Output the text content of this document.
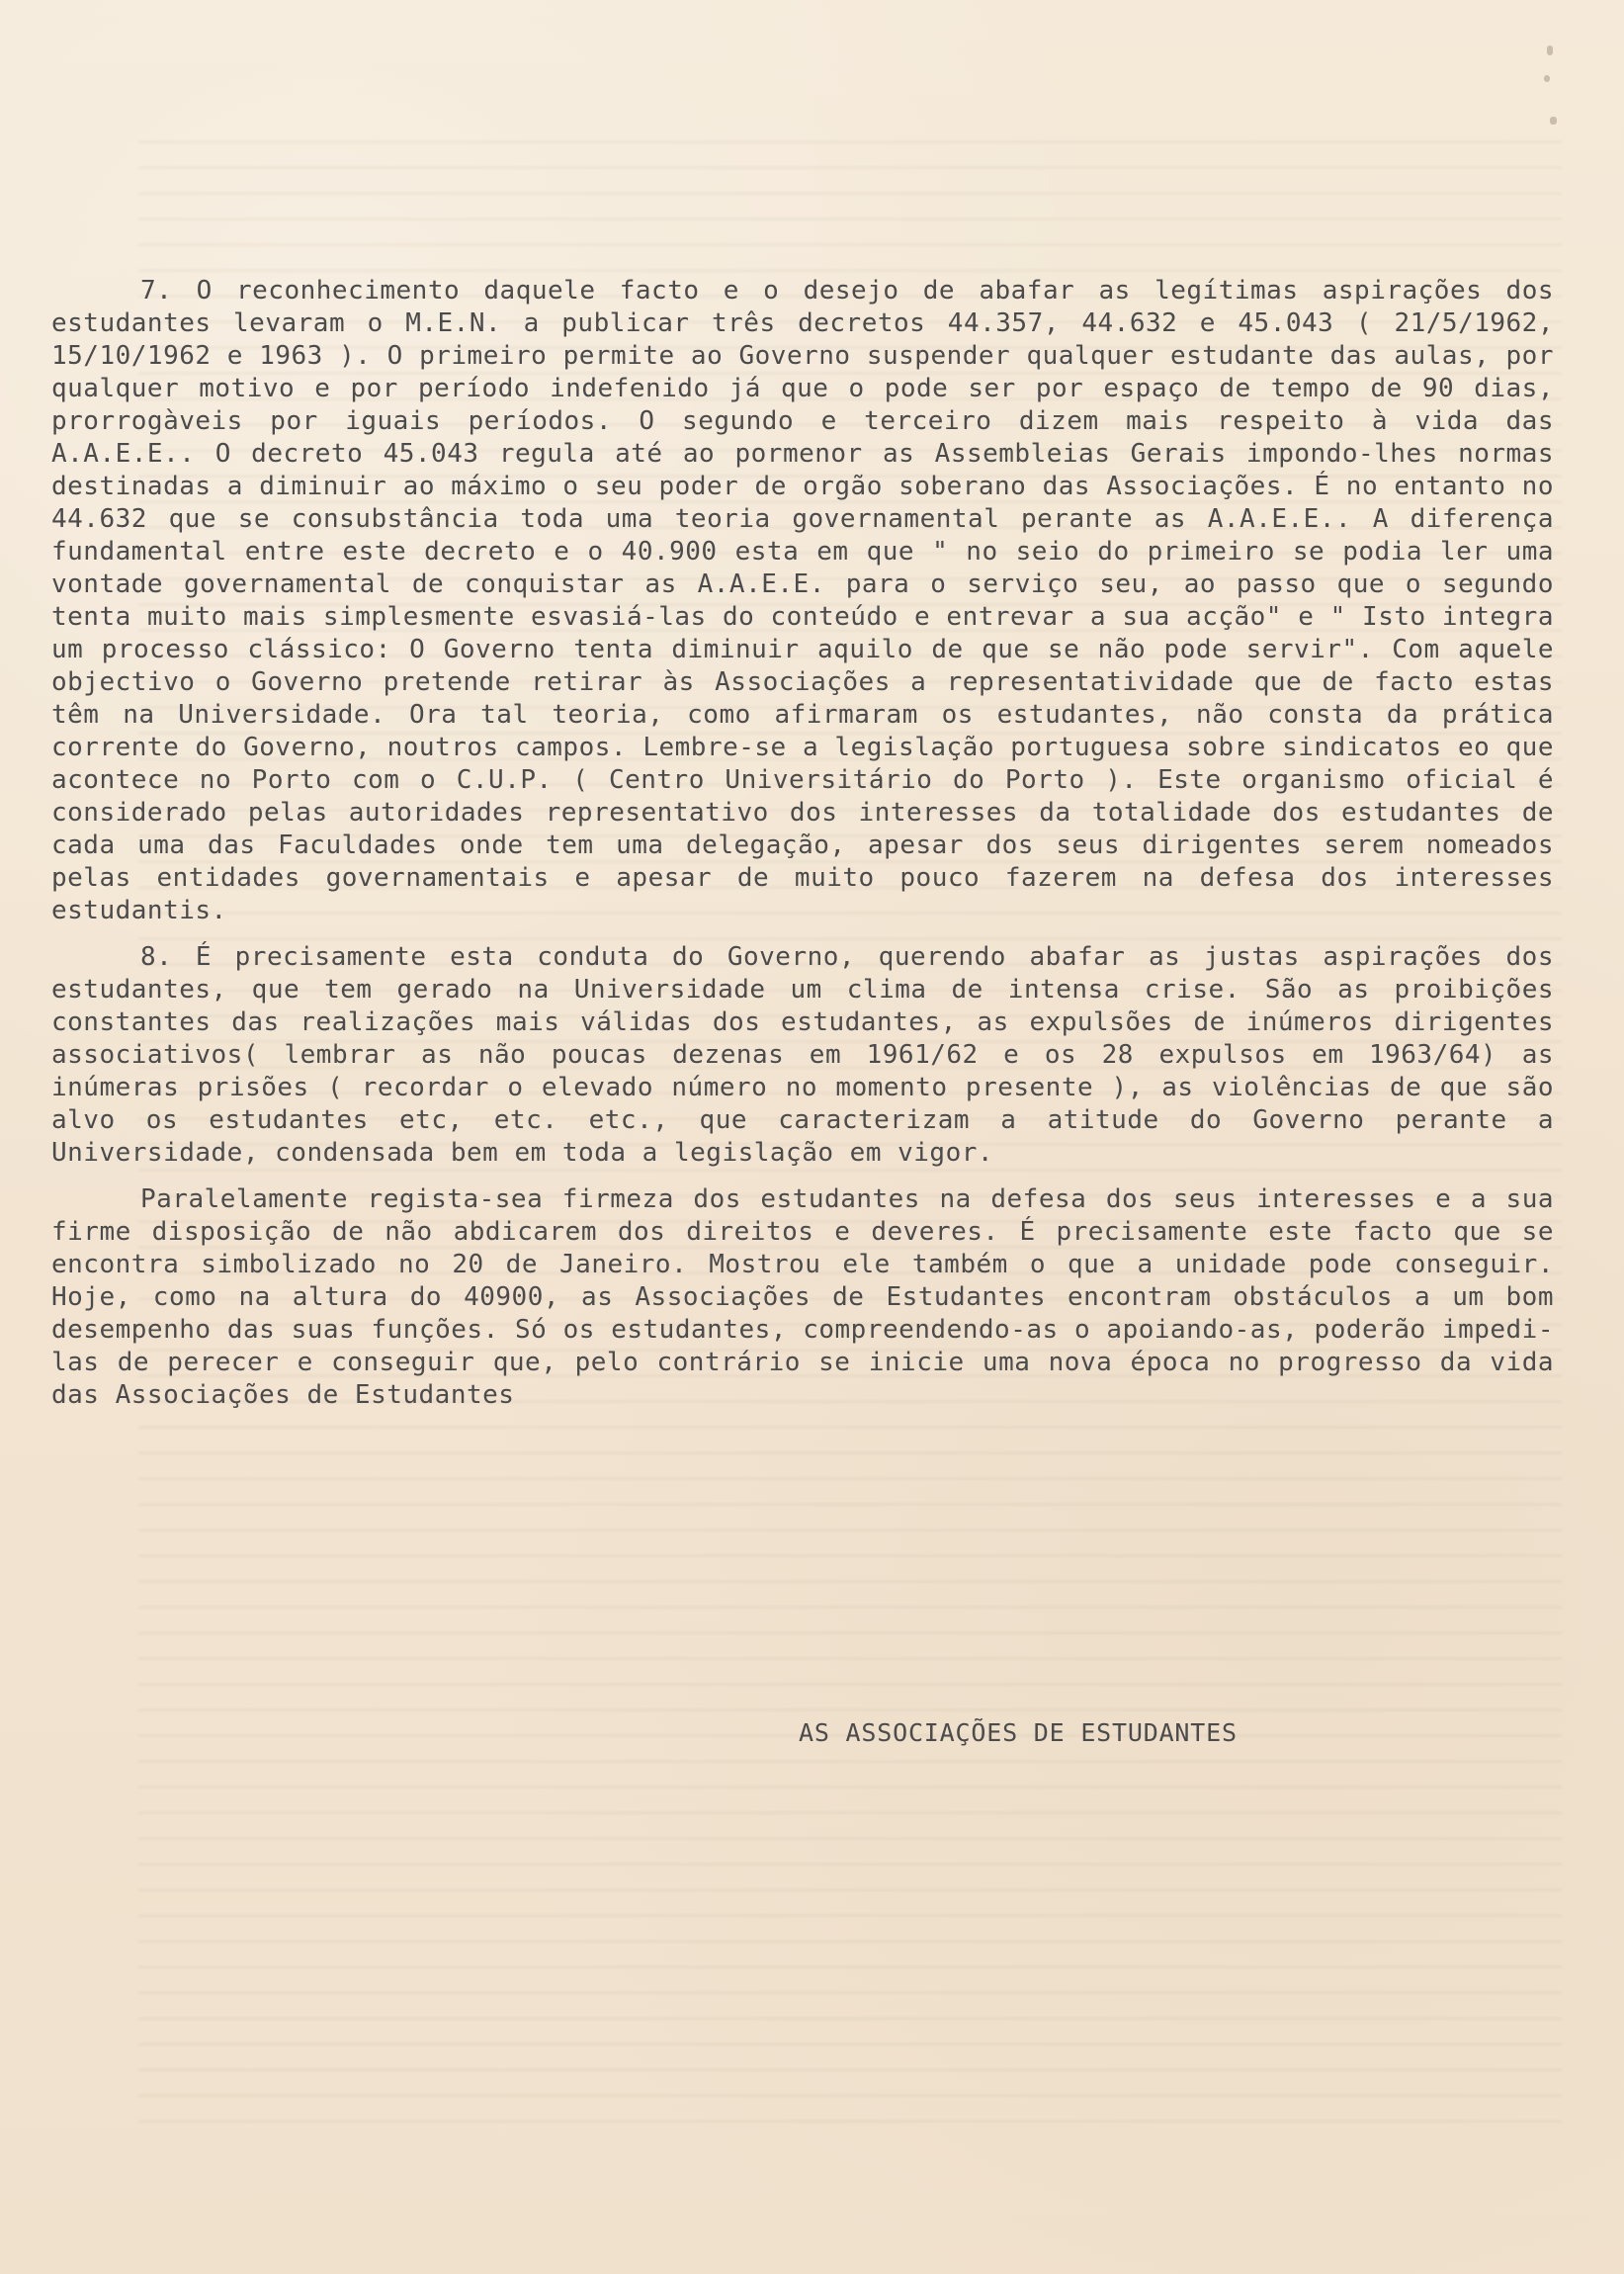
7. O reconhecimento daquele facto e o desejo de abafar as legítimas aspirações dos estudantes levaram o M.E.N. a publicar três decretos 44.357, 44.632 e 45.043 ( 21/5/1962, 15/10/1962 e 1963 ). O primeiro permite ao Governo suspender qualquer estudante das aulas, por qualquer motivo e por período indefenido já que o pode ser por espaço de tempo de 90 dias, prorrogàveis por iguais períodos. O segundo e terceiro dizem mais respeito à vida das A.A.E.E.. O decreto 45.043 regula até ao pormenor as Assembleias Gerais impondo-lhes normas destinadas a diminuir ao máximo o seu poder de orgão soberano das Associações. É no entanto no 44.632 que se consubstância toda uma teoria governamental perante as A.A.E.E.. A diferença fundamental entre este decreto e o 40.900 esta em que " no seio do primeiro se podia ler uma vontade governamental de conquistar as A.A.E.E. para o serviço seu, ao passo que o segundo tenta muito mais simplesmente esvasiá-las do conteúdo e entrevar a sua acção" e " Isto integra um processo clássico: O Governo tenta diminuir aquilo de que se não pode servir". Com aquele objectivo o Governo pretende retirar às Associações a representatividade que de facto estas têm na Universidade. Ora tal teoria, como afirmaram os estudantes, não consta da prática corrente do Governo, noutros campos. Lembre-se a legislação portuguesa sobre sindicatos eo que acontece no Porto com o C.U.P. ( Centro Universitário do Porto ). Este organismo oficial é considerado pelas autoridades representativo dos interesses da totalidade dos estudantes de cada uma das Faculdades onde tem uma delegação, apesar dos seus dirigentes serem nomeados pelas entidades governamentais e apesar de muito pouco fazerem na defesa dos interesses estudantis.

8. É precisamente esta conduta do Governo, querendo abafar as justas aspirações dos estudantes, que tem gerado na Universidade um clima de intensa crise. São as proibições constantes das realizações mais válidas dos estudantes, as expulsões de inúmeros dirigentes associativos( lembrar as não poucas dezenas em 1961/62 e os 28 expulsos em 1963/64) as inúmeras prisões ( recordar o elevado número no momento presente ), as violências de que são alvo os estudantes etc, etc. etc., que caracterizam a atitude do Governo perante a Universidade, condensada bem em toda a legislação em vigor.

Paralelamente regista-sea firmeza dos estudantes na defesa dos seus interesses e a sua firme disposição de não abdicarem dos direitos e deveres. É precisamente este facto que se encontra simbolizado no 20 de Janeiro. Mostrou ele também o que a unidade pode conseguir. Hoje, como na altura do 40900, as Associações de Estudantes encontram obstáculos a um bom desempenho das suas funções. Só os estudantes, compreendendo-as o apoiando-as, poderão impedi-las de perecer e conseguir que, pelo contrário se inicie uma nova época no progresso da vida das Associações de Estudantes

AS ASSOCIAÇÕES DE ESTUDANTES
